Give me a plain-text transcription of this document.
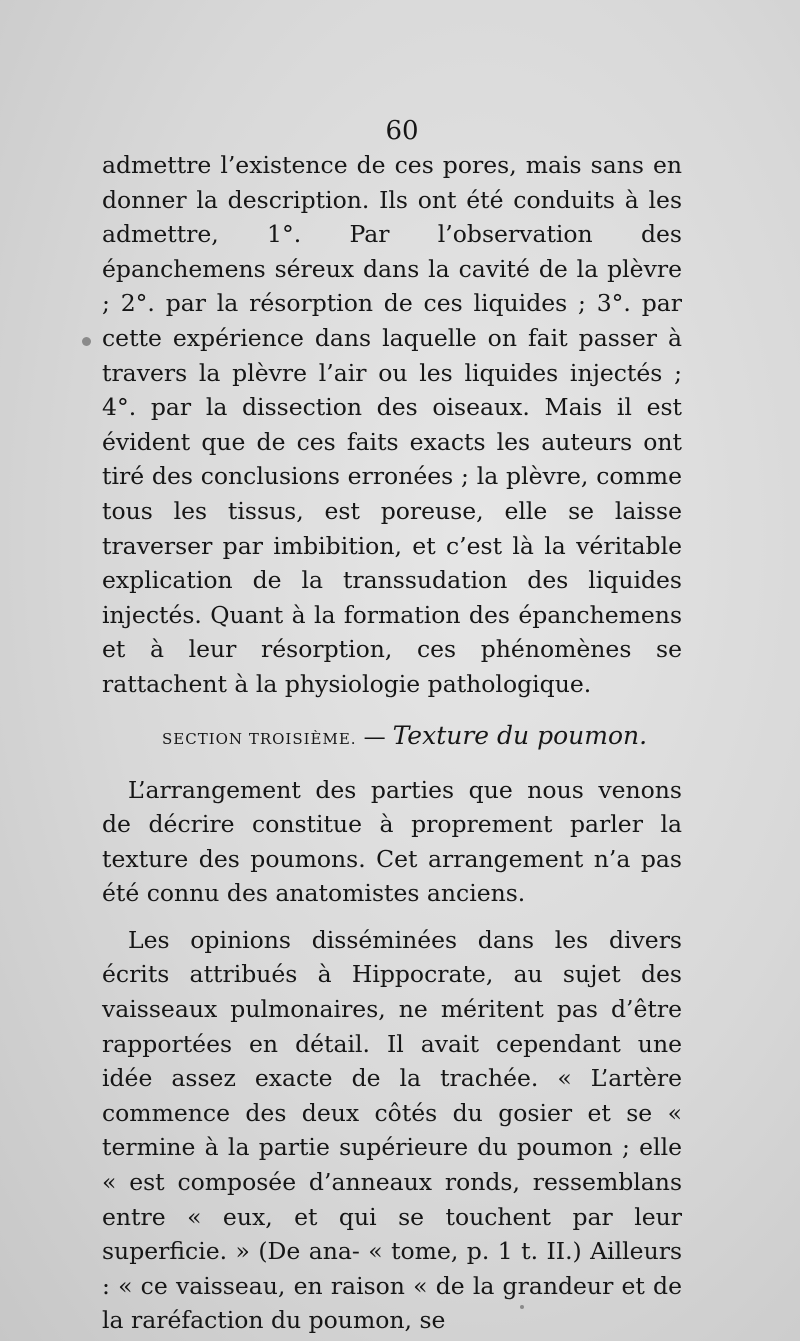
60

admettre l’existence de ces pores, mais sans en donner la description. Ils ont été conduits à les admettre, 1°. Par l’observation des épanchemens séreux dans la cavité de la plèvre ; 2°. par la résorption de ces liquides ; 3°. par cette expérience dans laquelle on fait passer à travers la plèvre l’air ou les liquides injectés ; 4°. par la dissection des oiseaux. Mais il est évident que de ces faits exacts les auteurs ont tiré des conclusions erronées ; la plèvre, comme tous les tissus, est poreuse, elle se laisse traverser par imbibition, et c’est là la véritable explication de la transsudation des liquides injectés. Quant à la formation des épanchemens et à leur résorption, ces phénomènes se rattachent à la physiologie pathologique.

SECTION TROISIÈME. — Texture du poumon.

L’arrangement des parties que nous venons de décrire constitue à proprement parler la texture des poumons. Cet arrangement n’a pas été connu des anatomistes anciens.

Les opinions disséminées dans les divers écrits attribués à Hippocrate, au sujet des vaisseaux pulmonaires, ne méritent pas d’être rapportées en détail. Il avait cependant une idée assez exacte de la trachée. « L’artère commence des deux côtés du gosier et se « termine à la partie supérieure du poumon ; elle « est composée d’anneaux ronds, ressemblans entre « eux, et qui se touchent par leur superficie. » (De ana- « tome, p. 1 t. II.) Ailleurs : « ce vaisseau, en raison « de la grandeur et de la raréfaction du poumon, se
